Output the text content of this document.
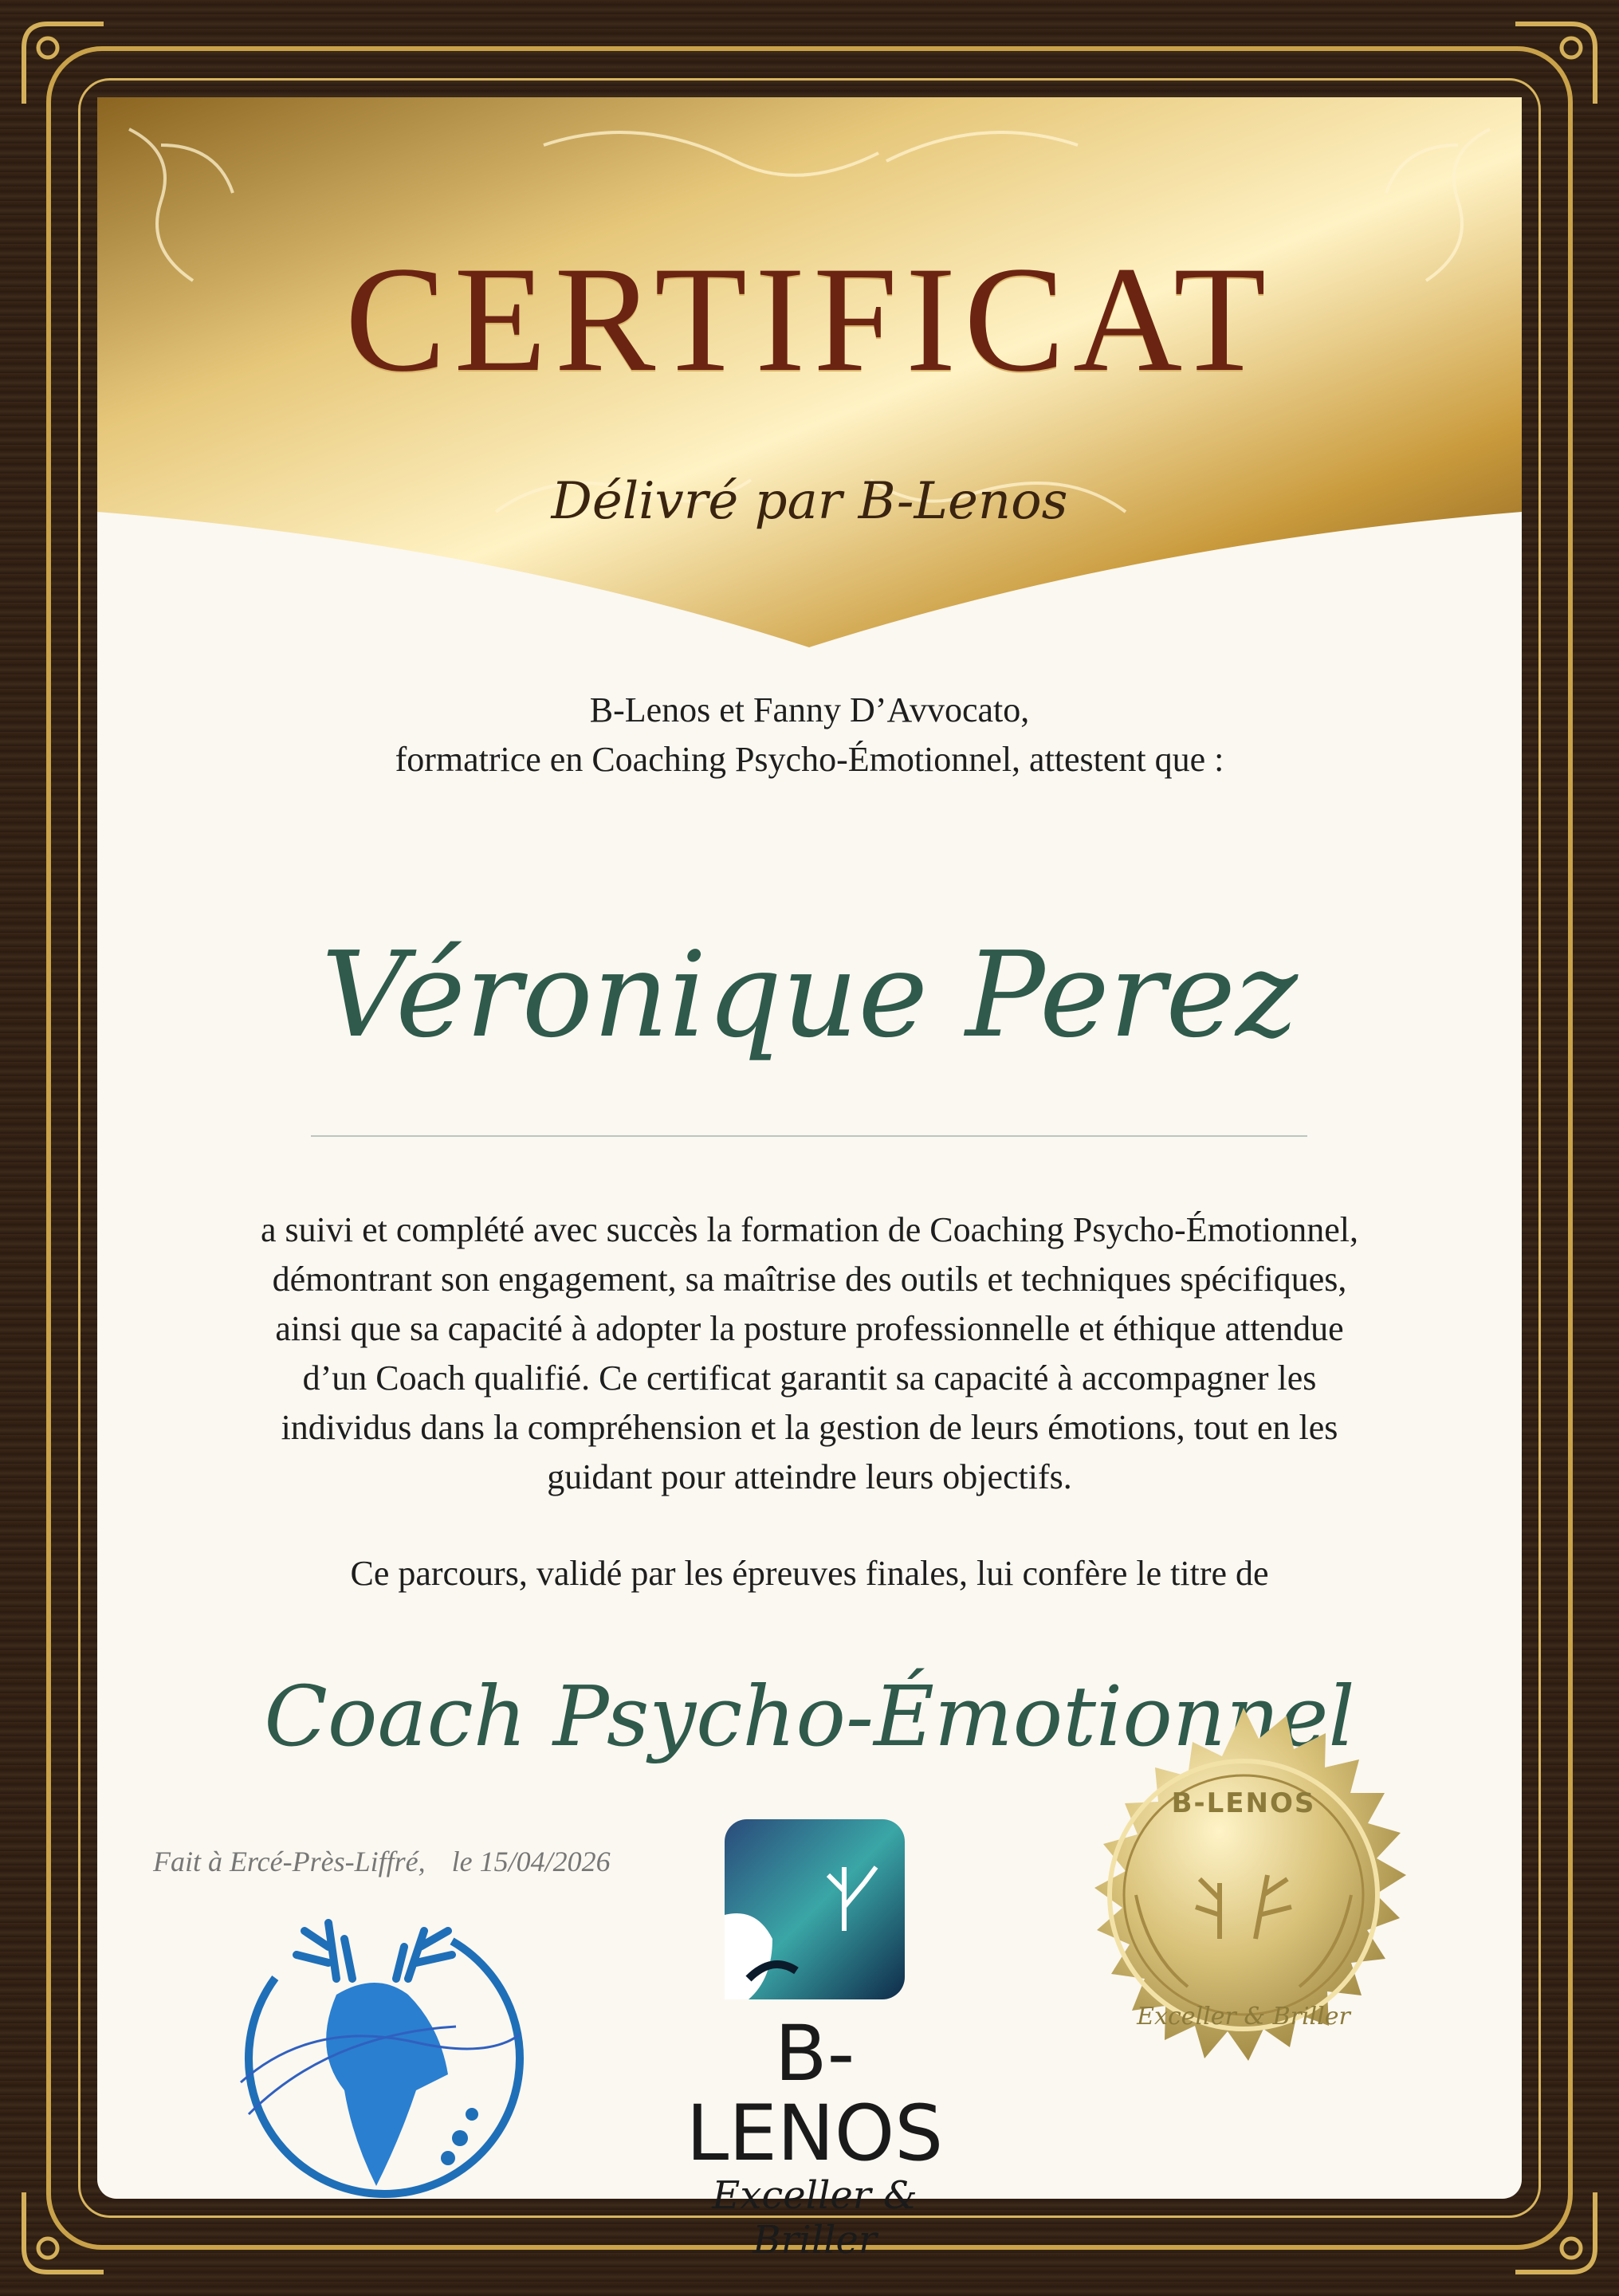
CERTIFICAT
Délivré par B-Lenos
B-Lenos et Fanny D’Avvocato,
formatrice en Coaching Psycho-Émotionnel, attestent que :
Véronique Perez
a suivi et complété avec succès la formation de Coaching Psycho-Émotionnel,
démontrant son engagement, sa maîtrise des outils et techniques spécifiques,
ainsi que sa capacité à adopter la posture professionnelle et éthique attendue
d’un Coach qualifié. Ce certificat garantit sa capacité à accompagner les
individus dans la compréhension et la gestion de leurs émotions, tout en les
guidant pour atteindre leurs objectifs.
Ce parcours, validé par les épreuves finales, lui confère le titre de
Coach Psycho-Émotionnel
Fait à Ercé-Près-Liffré, le 15/04/2026
B-LENOS
Exceller & Briller
B-LENOS
Exceller & Briller
